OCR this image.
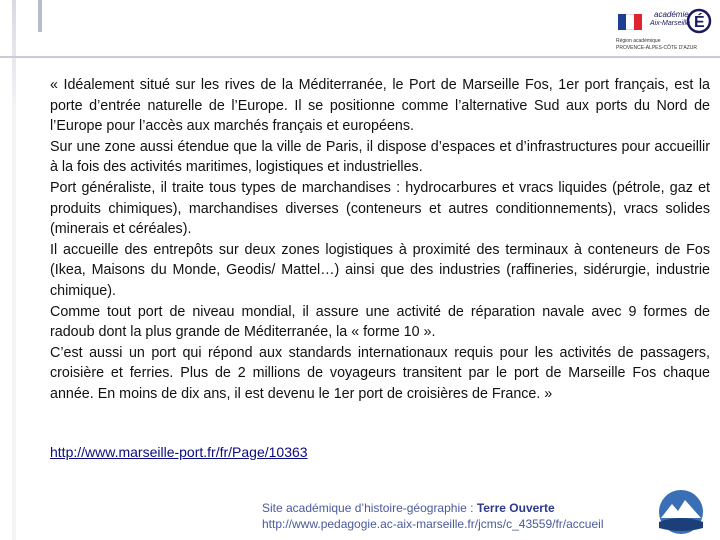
académie
Aix-Marseille É
Région académique
PROVENCE-ALPES-CÔTE D'AZUR

« Idéalement situé sur les rives de la Méditerranée, le Port de Marseille Fos, 1er port français, est la porte d’entrée naturelle de l’Europe. Il se positionne comme l’alternative Sud aux ports du Nord de l’Europe pour l’accès aux marchés français et européens.

Sur une zone aussi étendue que la ville de Paris, il dispose d’espaces et d’infrastructures pour accueillir à la fois des activités maritimes, logistiques et industrielles.

Port généraliste, il traite tous types de marchandises : hydrocarbures et vracs liquides (pétrole, gaz et produits chimiques), marchandises diverses (conteneurs et autres conditionnements), vracs solides (minerais et céréales).

Il accueille des entrepôts sur deux zones logistiques à proximité des terminaux à conteneurs de Fos (Ikea, Maisons du Monde, Geodis/ Mattel…) ainsi que des industries (raffineries, sidérurgie, industrie chimique).

Comme tout port de niveau mondial, il assure une activité de réparation navale avec 9 formes de radoub dont la plus grande de Méditerranée, la « forme 10 ».

C’est aussi un port qui répond aux standards internationaux requis pour les activités de passagers, croisière et ferries. Plus de 2 millions de voyageurs transitent par le port de Marseille Fos chaque année. En moins de dix ans, il est devenu le 1er port de croisières de France. »

http://www.marseille-port.fr/fr/Page/10363
Site académique d’histoire-géographie : Terre Ouverte
http://www.pedagogie.ac-aix-marseille.fr/jcms/c_43559/fr/accueil
